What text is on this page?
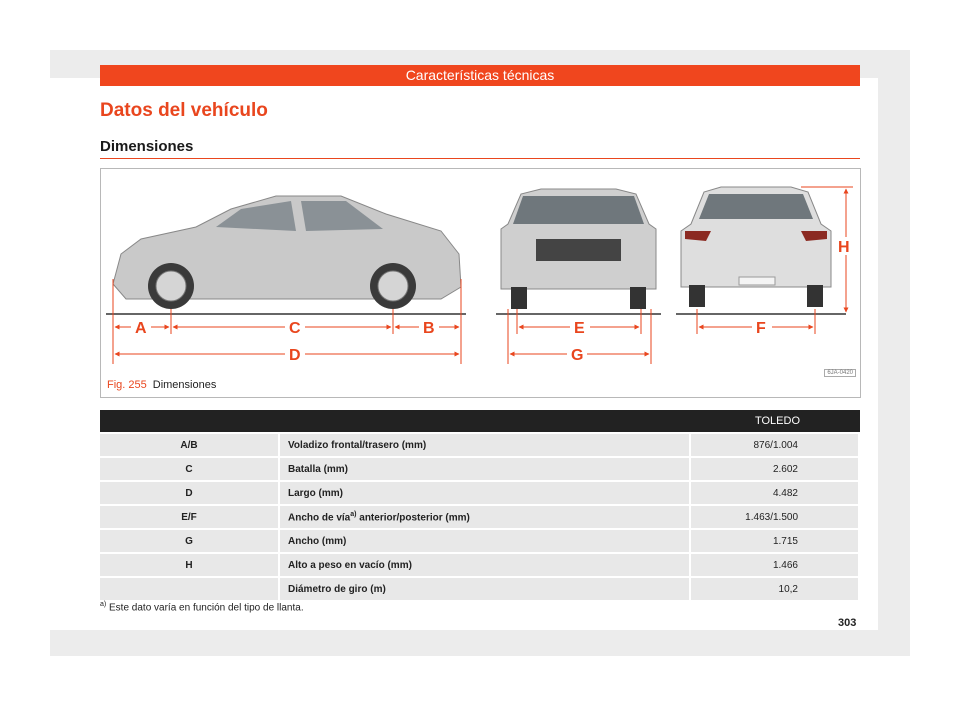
Características técnicas
Datos del vehículo
Dimensiones
A	C	B
D
E
G
F
H
6JA-0420
Fig. 255 Dimensiones
		TOLEDO
A/B	Voladizo frontal/trasero (mm)	876/1.004
C	Batalla (mm)	2.602
D	Largo (mm)	4.482
E/F	Ancho de vía$^{a)}$ anterior/posterior (mm)	1.463/1.500
G	Ancho (mm)	1.715
H	Alto a peso en vacío (mm)	1.466
	Diámetro de giro (m)	10,2
$^{a)}$ Este dato varía en función del tipo de llanta.
303
